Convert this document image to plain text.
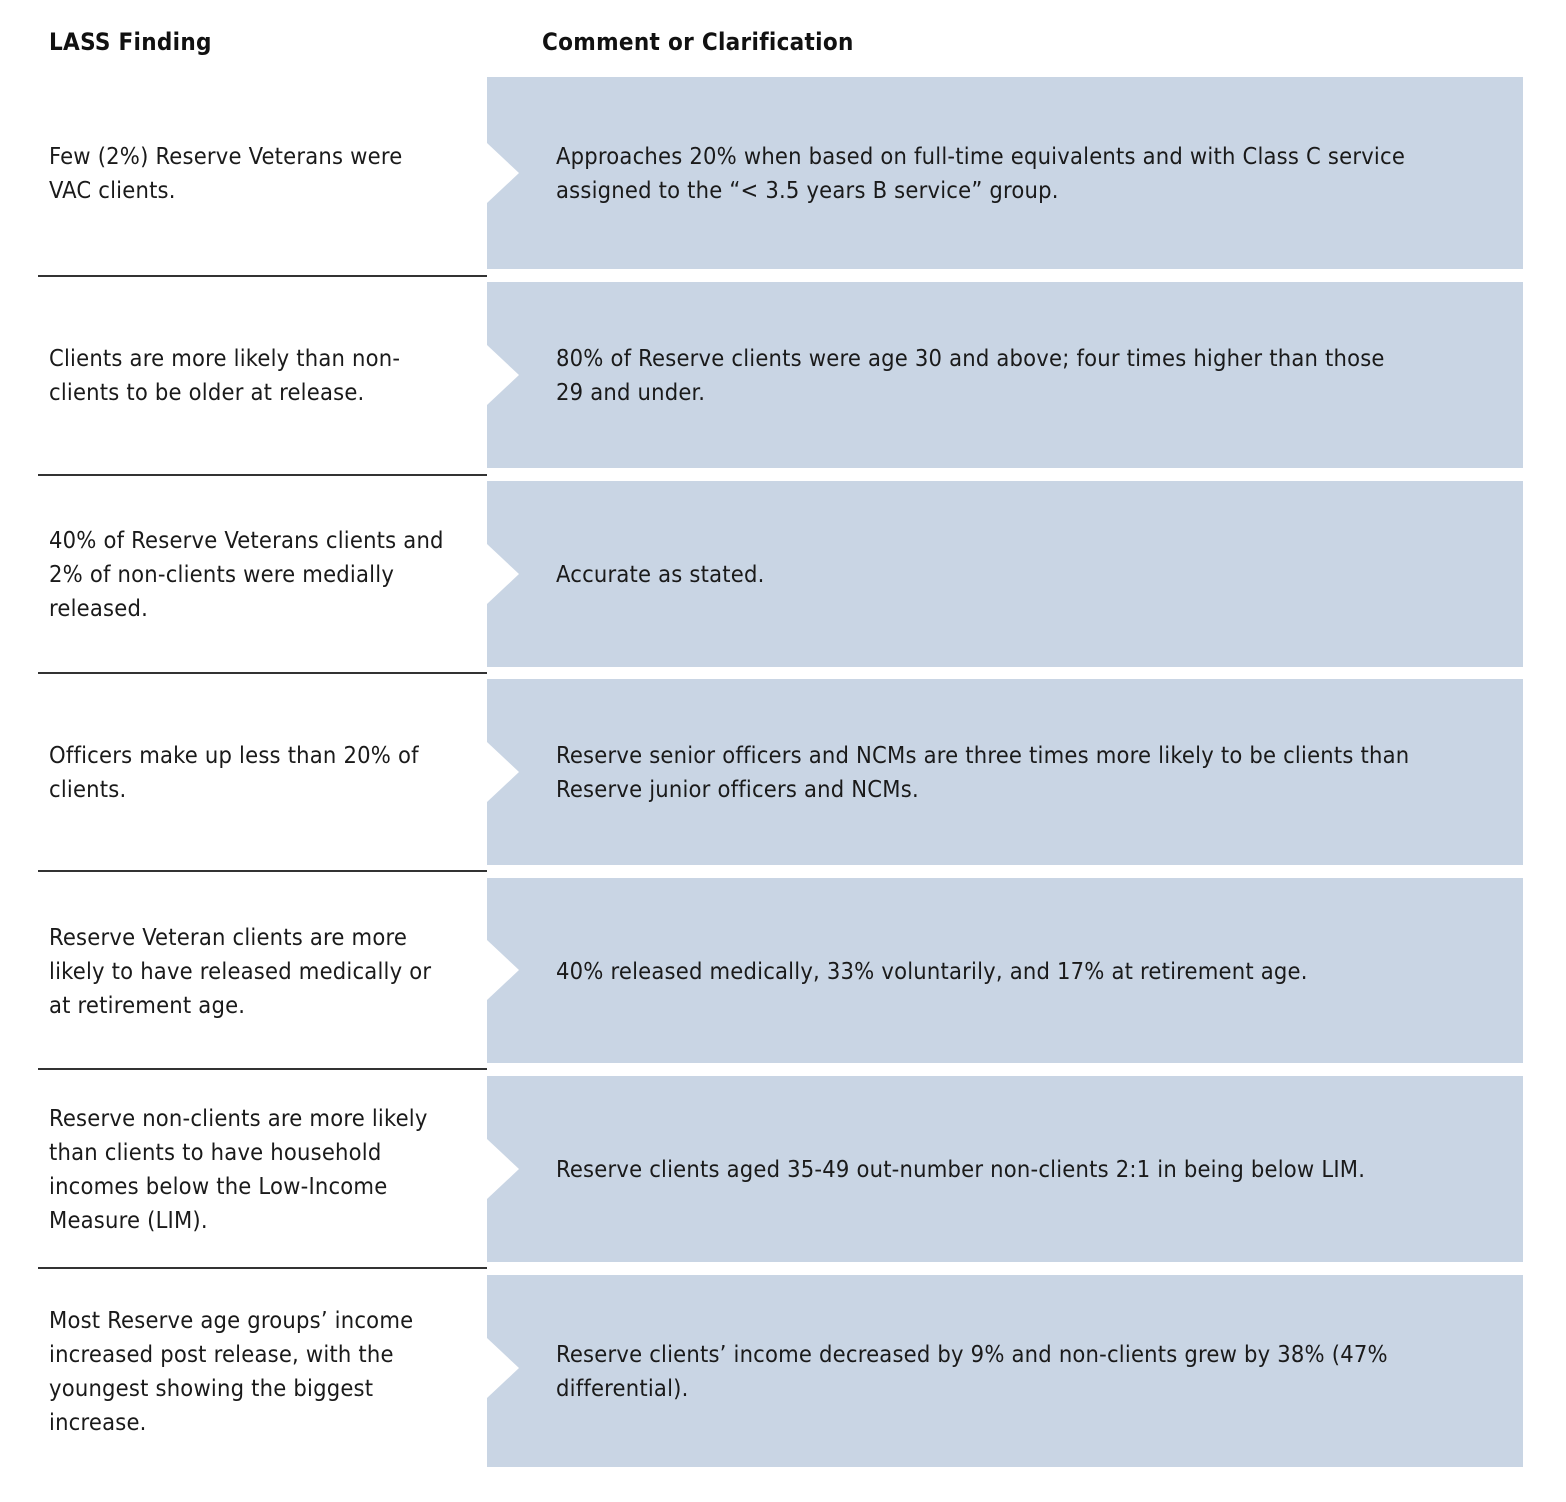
LASS Finding	Comment or Clarification
Few (2%) Reserve Veterans were VAC clients.
Approaches 20% when based on full-time equivalents and with Class C service assigned to the “< 3.5 years B service” group.
Clients are more likely than non-clients to be older at release.
80% of Reserve clients were age 30 and above; four times higher than those 29 and under.
40% of Reserve Veterans clients and 2% of non-clients were medially released.
Accurate as stated.
Officers make up less than 20% of clients.
Reserve senior officers and NCMs are three times more likely to be clients than Reserve junior officers and NCMs.
Reserve Veteran clients are more likely to have released medically or at retirement age.
40% released medically, 33% voluntarily, and 17% at retirement age.
Reserve non-clients are more likely than clients to have household incomes below the Low-Income Measure (LIM).
Reserve clients aged 35-49 out-number non-clients 2:1 in being below LIM.
Most Reserve age groups’ income increased post release, with the youngest showing the biggest increase.
Reserve clients’ income decreased by 9% and non-clients grew by 38% (47% differential).
